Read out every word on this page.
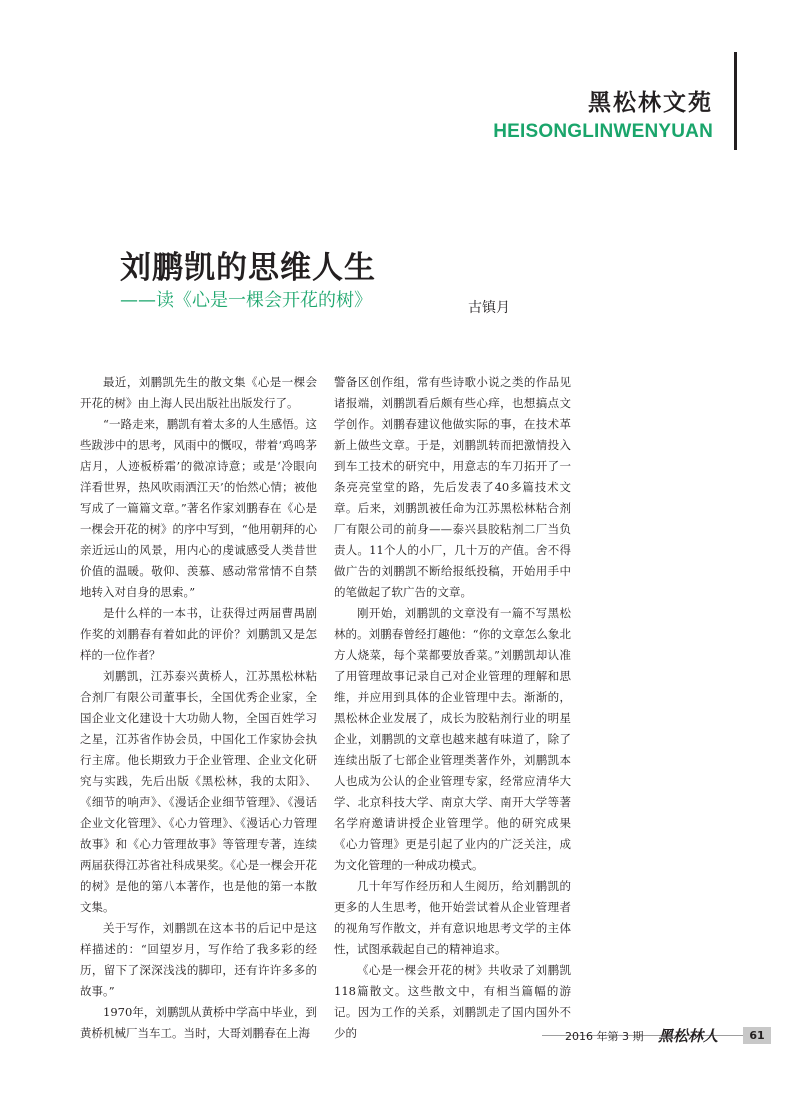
黑松林文苑
HEISONGLINWENYUAN
刘鹏凯的思维人生
——读《心是一棵会开花的树》	古镇月

最近，刘鹏凯先生的散文集《心是一棵会开花的树》由上海人民出版社出版发行了。

“一路走来，鹏凯有着太多的人生感悟。这些跋涉中的思考，风雨中的慨叹，带着‘鸡鸣茅店月，人迹板桥霜’的微凉诗意；或是‘冷眼向洋看世界，热风吹雨洒江天’的怡然心情；被他写成了一篇篇文章。”著名作家刘鹏春在《心是一棵会开花的树》的序中写到，“他用朝拜的心亲近远山的风景，用内心的虔诚感受人类昔世价值的温暖。敬仰、羡慕、感动常常情不自禁地转入对自身的思索。”

是什么样的一本书，让获得过两届曹禺剧作奖的刘鹏春有着如此的评价？刘鹏凯又是怎样的一位作者？

刘鹏凯，江苏泰兴黄桥人，江苏黑松林粘合剂厂有限公司董事长，全国优秀企业家，全国企业文化建设十大功勋人物，全国百姓学习之星，江苏省作协会员，中国化工作家协会执行主席。他长期致力于企业管理、企业文化研究与实践，先后出版《黑松林，我的太阳》、《细节的响声》、《漫话企业细节管理》、《漫话企业文化管理》、《心力管理》、《漫话心力管理故事》和《心力管理故事》等管理专著，连续两届获得江苏省社科成果奖。《心是一棵会开花的树》是他的第八本著作，也是他的第一本散文集。

关于写作，刘鹏凯在这本书的后记中是这样描述的：“回望岁月，写作给了我多彩的经历，留下了深深浅浅的脚印，还有许许多多的故事。”

1970年，刘鹏凯从黄桥中学高中毕业，到黄桥机械厂当车工。当时，大哥刘鹏春在上海

警备区创作组，常有些诗歌小说之类的作品见诸报端，刘鹏凯看后颇有些心痒，也想搞点文学创作。刘鹏春建议他做实际的事，在技术革新上做些文章。于是，刘鹏凯转而把激情投入到车工技术的研究中，用意志的车刀拓开了一条亮亮堂堂的路，先后发表了40多篇技术文章。后来，刘鹏凯被任命为江苏黑松林粘合剂厂有限公司的前身——泰兴县胶粘剂二厂当负责人。11个人的小厂，几十万的产值。舍不得做广告的刘鹏凯不断给报纸投稿，开始用手中的笔做起了软广告的文章。

刚开始，刘鹏凯的文章没有一篇不写黑松林的。刘鹏春曾经打趣他：“你的文章怎么象北方人烧菜，每个菜都要放香菜。”刘鹏凯却认准了用管理故事记录自己对企业管理的理解和思维，并应用到具体的企业管理中去。渐渐的，黑松林企业发展了，成长为胶粘剂行业的明星企业，刘鹏凯的文章也越来越有味道了，除了连续出版了七部企业管理类著作外，刘鹏凯本人也成为公认的企业管理专家，经常应清华大学、北京科技大学、南京大学、南开大学等著名学府邀请讲授企业管理学。他的研究成果《心力管理》更是引起了业内的广泛关注，成为文化管理的一种成功模式。

几十年写作经历和人生阅历，给刘鹏凯的更多的人生思考，他开始尝试着从企业管理者的视角写作散文，并有意识地思考文学的主体性，试图承载起自己的精神追求。

《心是一棵会开花的树》共收录了刘鹏凯118篇散文。这些散文中，有相当篇幅的游记。因为工作的关系，刘鹏凯走了国内国外不少的	2016 年第 3 期 黑松林人	61
